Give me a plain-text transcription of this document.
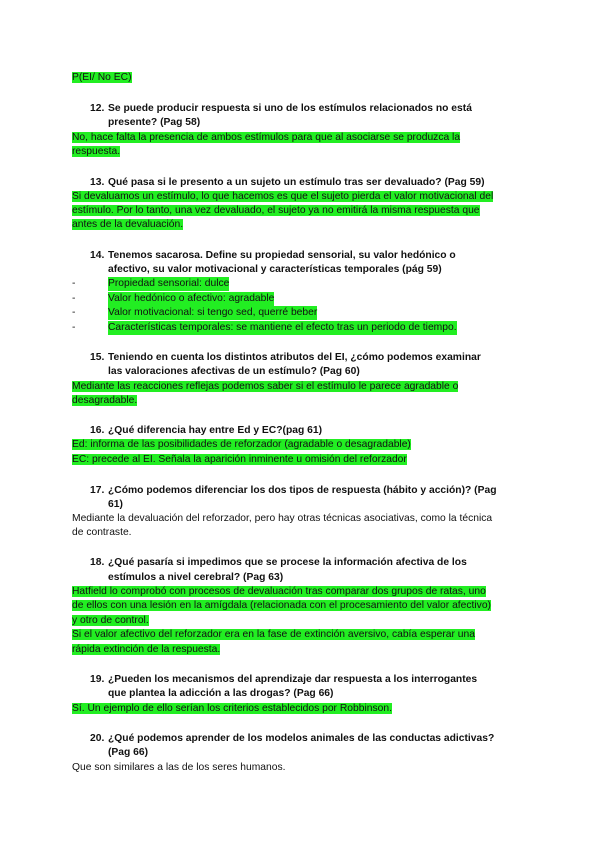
P(EI/ No EC)
12. Se puede producir respuesta si uno de los estímulos relacionados no está
presente? (Pag 58)
No, hace falta la presencia de ambos estímulos para que al asociarse se produzca la
respuesta.
13. Qué pasa si le presento a un sujeto un estímulo tras ser devaluado? (Pag 59)
Si devaluamos un estímulo, lo que hacemos es que el sujeto pierda el valor motivacional del
estímulo. Por lo tanto, una vez devaluado, el sujeto ya no emitirá la misma respuesta que
antes de la devaluación.
14. Tenemos sacarosa. Define su propiedad sensorial, su valor hedónico o
afectivo, su valor motivacional y características temporales (pág 59)
-	Propiedad sensorial: dulce
-	Valor hedónico o afectivo: agradable
-	Valor motivacional: si tengo sed, querré beber
-	Características temporales: se mantiene el efecto tras un periodo de tiempo.
15. Teniendo en cuenta los distintos atributos del EI, ¿cómo podemos examinar
las valoraciones afectivas de un estímulo? (Pag 60)
Mediante las reacciones reflejas podemos saber si el estímulo le parece agradable o
desagradable.
16. ¿Qué diferencia hay entre Ed y EC?(pag 61)
Ed: informa de las posibilidades de reforzador (agradable o desagradable)
EC: precede al EI. Señala la aparición inminente u omisión del reforzador
17. ¿Cómo podemos diferenciar los dos tipos de respuesta (hábito y acción)? (Pag
61)
Mediante la devaluación del reforzador, pero hay otras técnicas asociativas, como la técnica
de contraste.
18. ¿Qué pasaría si impedimos que se procese la información afectiva de los
estímulos a nivel cerebral? (Pag 63)
Hatfield lo comprobó con procesos de devaluación tras comparar dos grupos de ratas, uno
de ellos con una lesión en la amígdala (relacionada con el procesamiento del valor afectivo)
y otro de control.
Si el valor afectivo del reforzador era en la fase de extinción aversivo, cabía esperar una
rápida extinción de la respuesta.
19. ¿Pueden los mecanismos del aprendizaje dar respuesta a los interrogantes
que plantea la adicción a las drogas? (Pag 66)
Sí. Un ejemplo de ello serían los criterios establecidos por Robbinson.
20. ¿Qué podemos aprender de los modelos animales de las conductas adictivas?
(Pag 66)
Que son similares a las de los seres humanos.
